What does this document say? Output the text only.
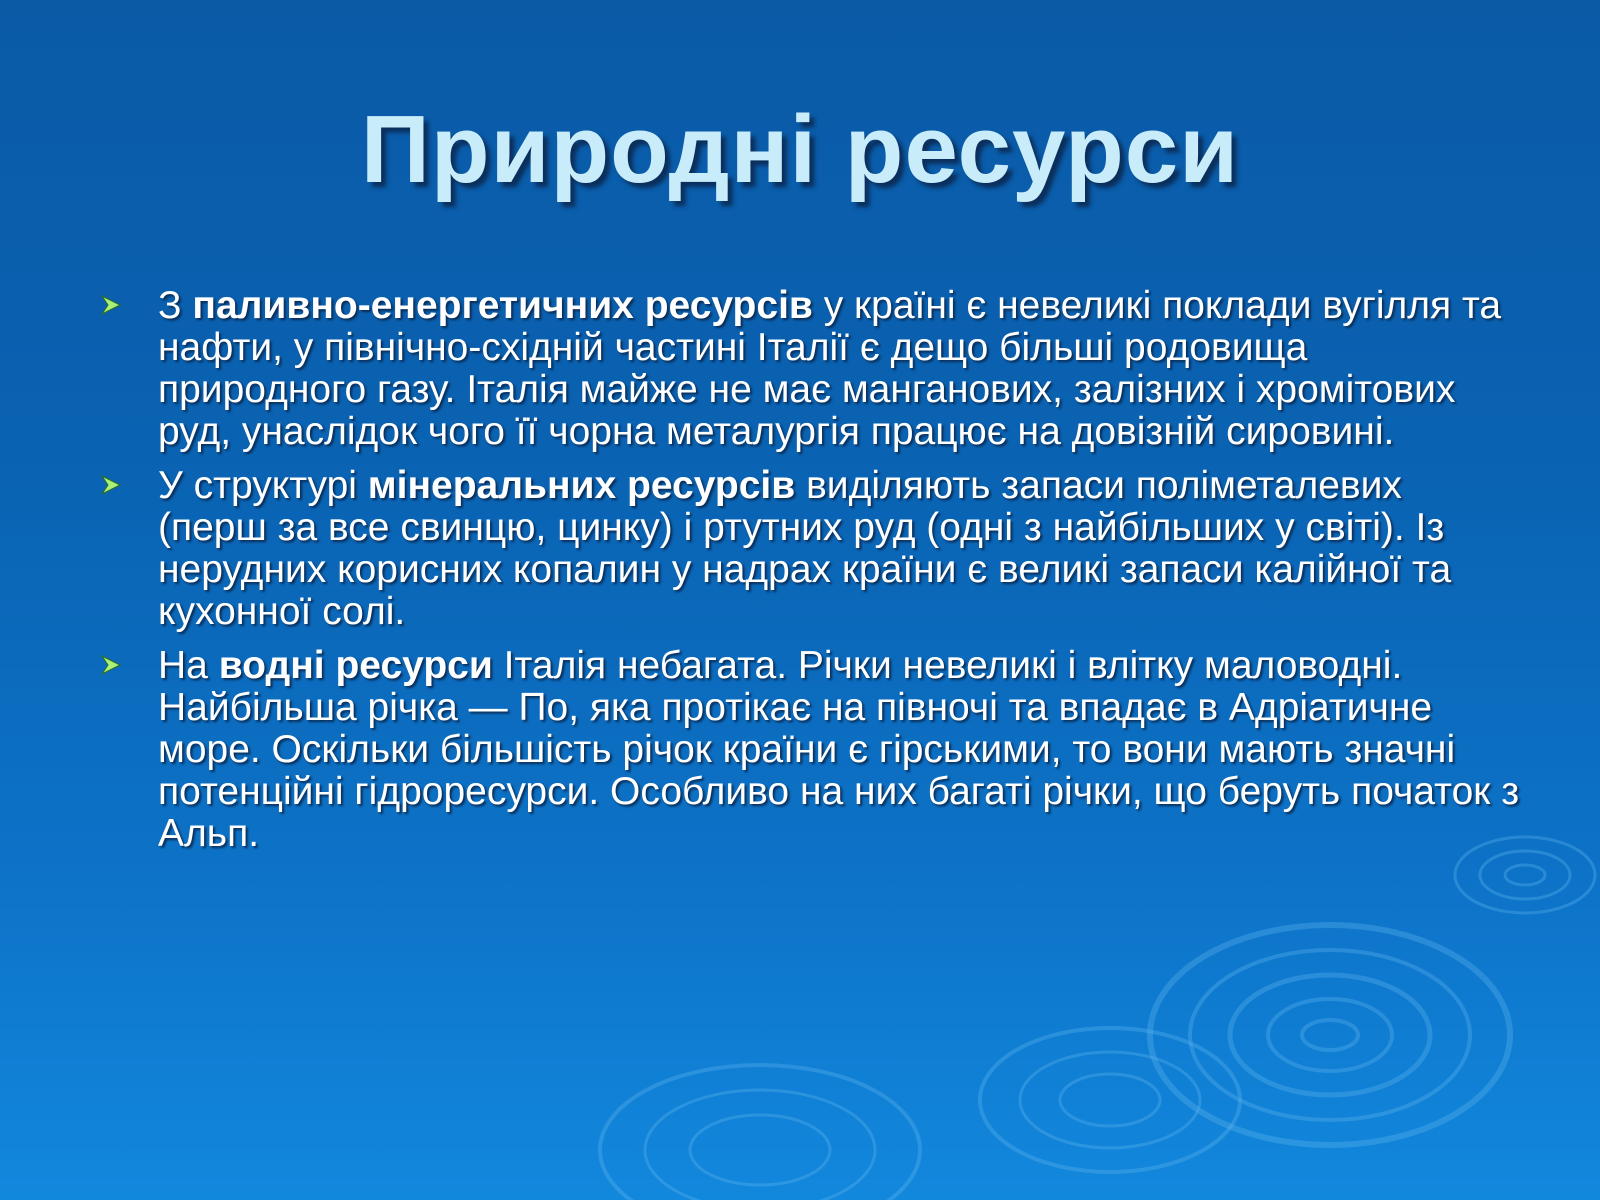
Природні ресурси
З паливно-енергетичних ресурсів у країні є невеликі поклади вугілля та нафти, у північно-східній частині Італії є дещо більші родовища природного газу. Італія майже не має манганових, залізних і хромітових руд, унаслідок чого її чорна металургія працює на довізній сировині.
У структурі мінеральних ресурсів виділяють запаси поліметалевих (перш за все свинцю, цинку) і ртутних руд (одні з найбільших у світі). Із нерудних корисних копалин у надрах країни є великі запаси калійної та кухонної солі.
На водні ресурси Італія небагата. Річки невеликі і влітку маловодні. Найбільша річка — По, яка протікає на півночі та впадає в Адріатичне море. Оскільки більшість річок країни є гірськими, то вони мають значні потенційні гідроресурси. Особливо на них багаті річки, що беруть початок з Альп.
